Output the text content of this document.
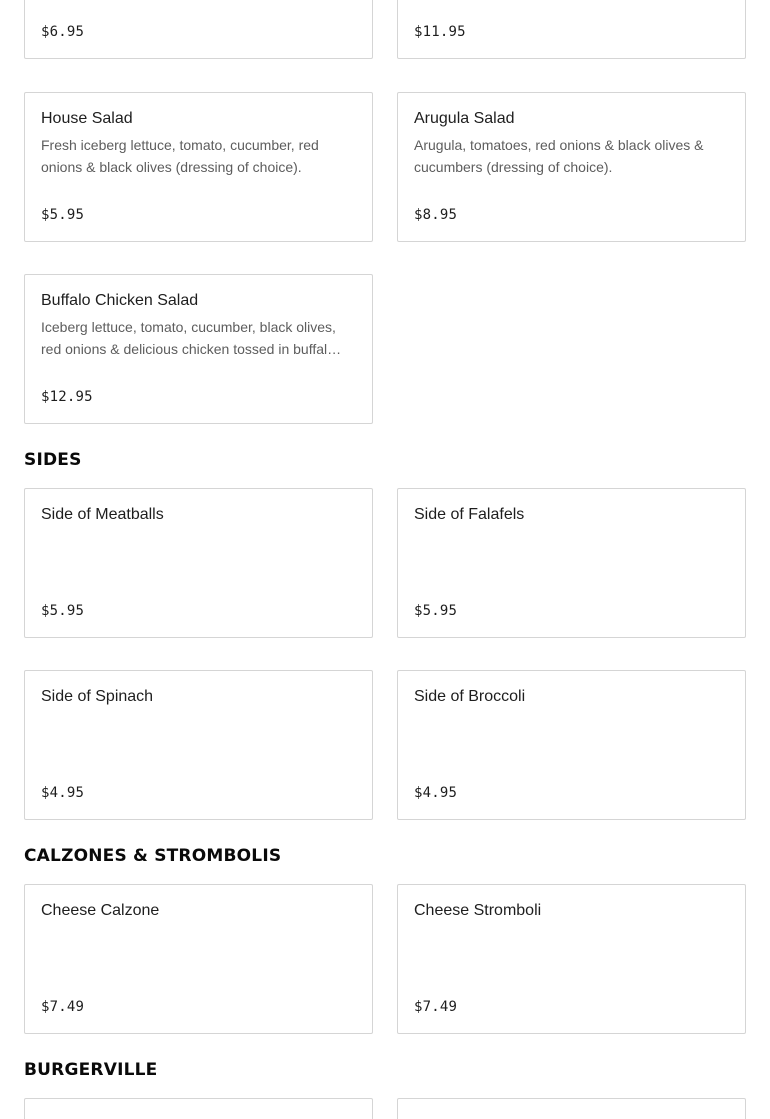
$6.95	$11.95
House Salad
Fresh iceberg lettuce, tomato, cucumber, red onions & black olives (dressing of choice).
$5.95
Arugula Salad
Arugula, tomatoes, red onions & black olives & cucumbers (dressing of choice).
$8.95
Buffalo Chicken Salad
Iceberg lettuce, tomato, cucumber, black olives, red onions & delicious chicken tossed in buffal…
$12.95
SIDES
Side of Meatballs
$5.95
Side of Falafels
$5.95
Side of Spinach
$4.95
Side of Broccoli
$4.95
CALZONES & STROMBOLIS
Cheese Calzone
$7.49
Cheese Stromboli
$7.49
BURGERVILLE
